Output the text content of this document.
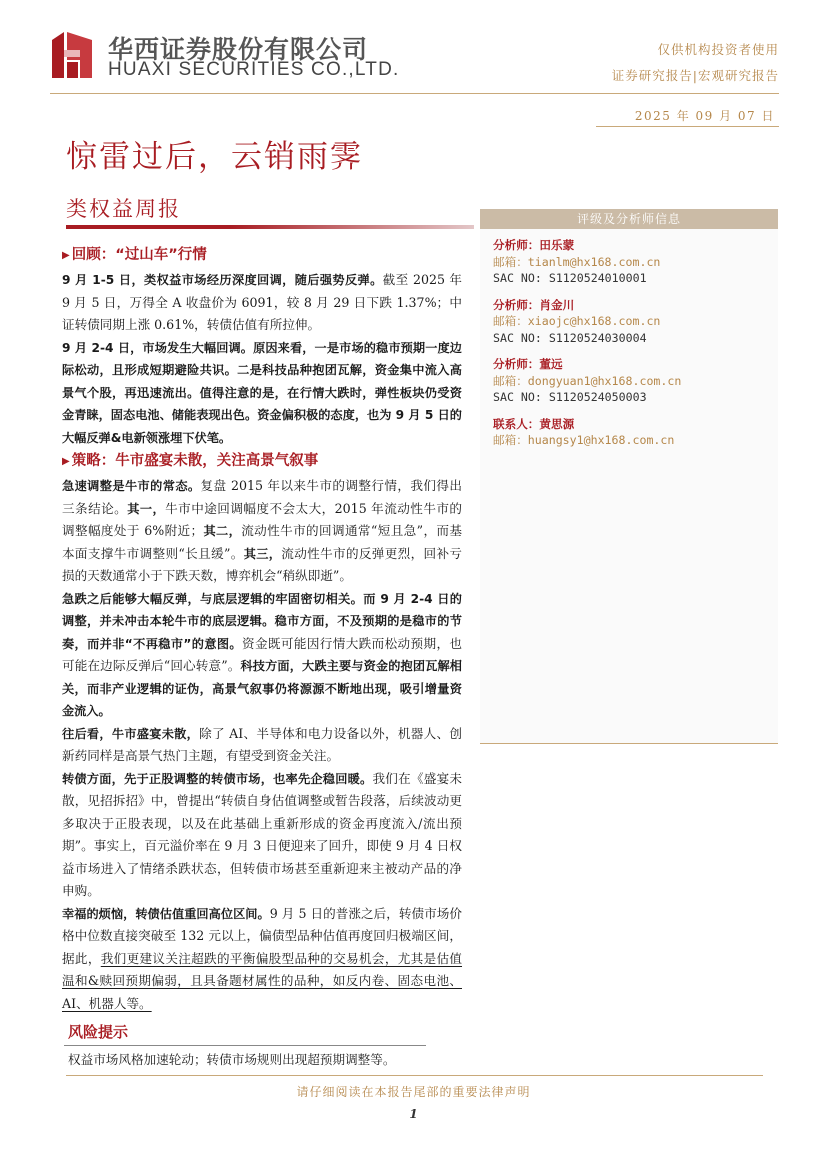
华西证券股份有限公司
HUAXI SECURITIES CO.,LTD.
仅供机构投资者使用
证券研究报告|宏观研究报告
2025 年 09 月 07 日
惊雷过后，云销雨霁
类权益周报
▶ 回顾：“过山车”行情
9 月 1-5 日，类权益市场经历深度回调，随后强势反弹。截至 2025 年 9 月 5 日，万得全 A 收盘价为 6091，较 8 月 29 日下跌 1.37%；中证转债同期上涨 0.61%，转债估值有所拉伸。
9 月 2-4 日，市场发生大幅回调。原因来看，一是市场的稳市预期一度边际松动，且形成短期避险共识。二是科技品种抱团瓦解，资金集中流入高景气个股，再迅速流出。值得注意的是，在行情大跌时，弹性板块仍受资金青睐，固态电池、储能表现出色。资金偏积极的态度，也为 9 月 5 日的大幅反弹&电新领涨埋下伏笔。
▶ 策略：牛市盛宴未散，关注高景气叙事
急速调整是牛市的常态。复盘 2015 年以来牛市的调整行情，我们得出三条结论。其一，牛市中途回调幅度不会太大，2015 年流动性牛市的调整幅度处于 6%附近；其二，流动性牛市的回调通常“短且急”，而基本面支撑牛市调整则“长且缓”。其三，流动性牛市的反弹更烈，回补亏损的天数通常小于下跌天数，博弈机会“稍纵即逝”。
急跌之后能够大幅反弹，与底层逻辑的牢固密切相关。而 9 月 2-4 日的调整，并未冲击本轮牛市的底层逻辑。稳市方面，不及预期的是稳市的节奏，而并非“不再稳市”的意图。资金既可能因行情大跌而松动预期，也可能在边际反弹后“回心转意”。科技方面，大跌主要与资金的抱团瓦解相关，而非产业逻辑的证伪，高景气叙事仍将源源不断地出现，吸引增量资金流入。
往后看，牛市盛宴未散，除了 AI、半导体和电力设备以外，机器人、创新药同样是高景气热门主题，有望受到资金关注。
转债方面，先于正股调整的转债市场，也率先企稳回暖。我们在《盛宴未散，见招拆招》中，曾提出“转债自身估值调整或暂告段落，后续波动更多取决于正股表现，以及在此基础上重新形成的资金再度流入/流出预期”。事实上，百元溢价率在 9 月 3 日便迎来了回升，即使 9 月 4 日权益市场进入了情绪杀跌状态，但转债市场甚至重新迎来主被动产品的净申购。
幸福的烦恼，转债估值重回高位区间。9 月 5 日的普涨之后，转债市场价格中位数直接突破至 132 元以上，偏债型品种估值再度回归极端区间，据此，我们更建议关注超跌的平衡偏股型品种的交易机会，尤其是估值温和&赎回预期偏弱，且具备题材属性的品种，如反内卷、固态电池、AI、机器人等。
风险提示
权益市场风格加速轮动；转债市场规则出现超预期调整等。
评级及分析师信息
分析师：田乐蒙
邮箱：tianlm@hx168.com.cn
SAC NO: S1120524010001
分析师：肖金川
邮箱：xiaojc@hx168.com.cn
SAC NO: S1120524030004
分析师：董远
邮箱：dongyuan1@hx168.com.cn
SAC NO: S1120524050003
联系人：黄思源
邮箱：huangsy1@hx168.com.cn
请仔细阅读在本报告尾部的重要法律声明
1
